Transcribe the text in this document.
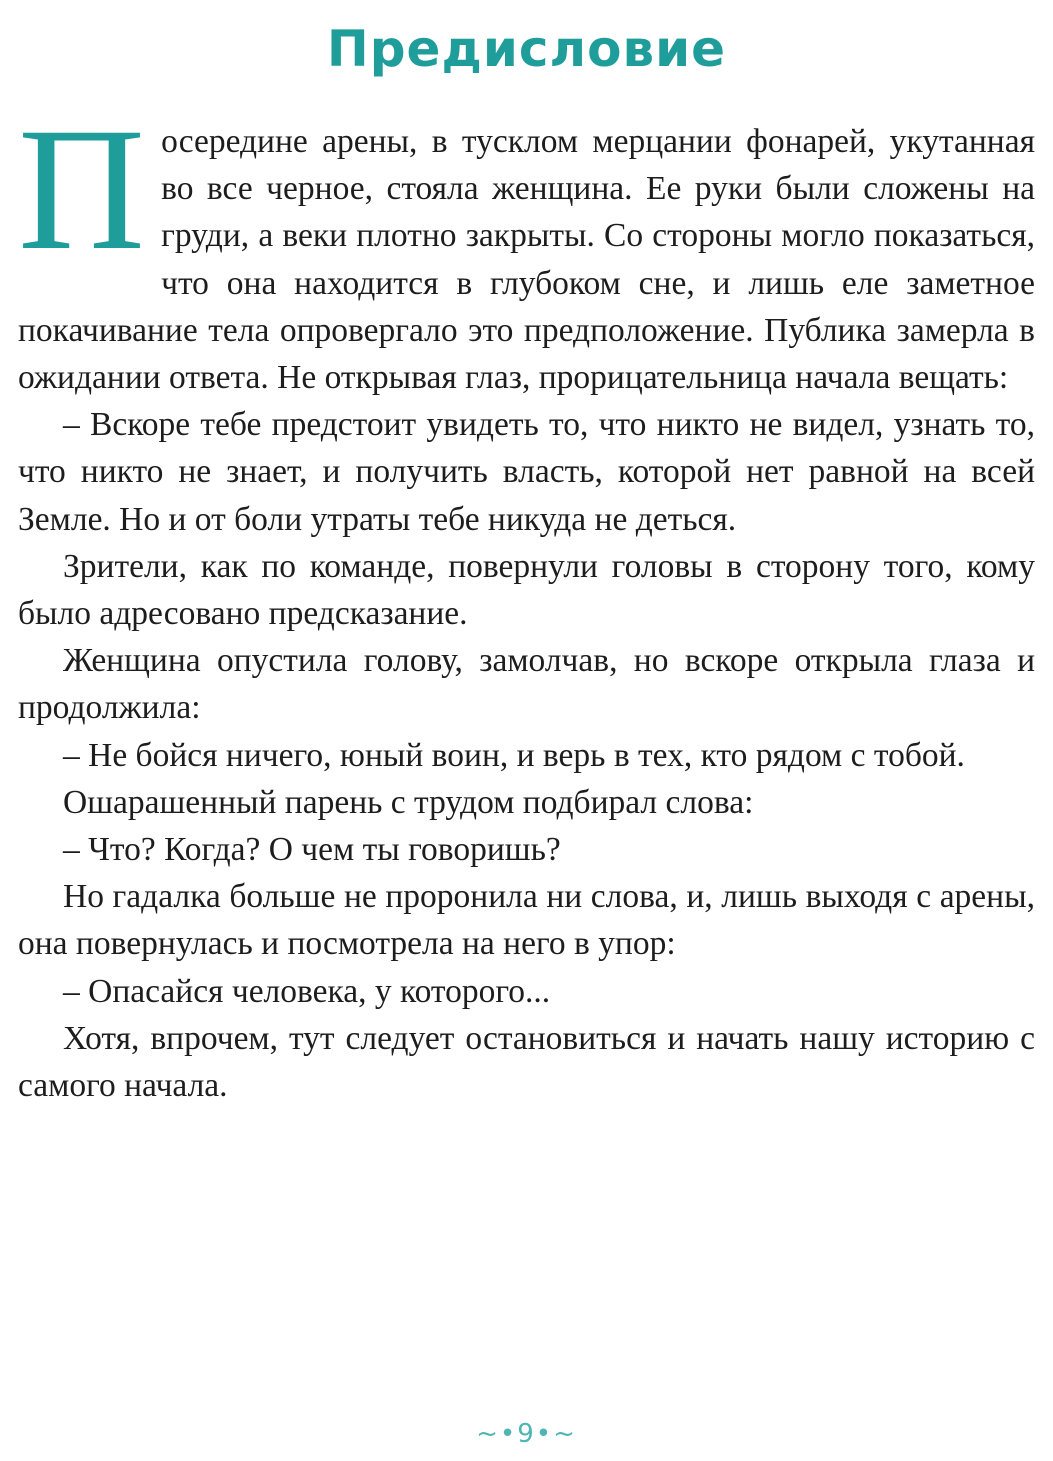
Предисловие

Посередине арены, в тусклом мерцании фонарей, укутанная во все черное, стояла женщина. Ее руки были сложены на груди, а веки плотно закрыты. Со стороны могло показаться, что она находится в глубоком сне, и лишь еле заметное покачивание тела опровергало это предположение. Публика замерла в ожидании ответа. Не открывая глаз, прорицательница начала вещать:

– Вскоре тебе предстоит увидеть то, что никто не видел, узнать то, что никто не знает, и получить власть, которой нет равной на всей Земле. Но и от боли утраты тебе никуда не деться.

Зрители, как по команде, повернули головы в сторону того, кому было адресовано предсказание.

Женщина опустила голову, замолчав, но вскоре открыла глаза и продолжила:

– Не бойся ничего, юный воин, и верь в тех, кто рядом с тобой.

Ошарашенный парень с трудом подбирал слова:

– Что? Когда? О чем ты говоришь?

Но гадалка больше не проронила ни слова, и, лишь выходя с арены, она повернулась и посмотрела на него в упор:

– Опасайся человека, у которого...

Хотя, впрочем, тут следует остановиться и начать нашу историю с самого начала.

~•9•~
